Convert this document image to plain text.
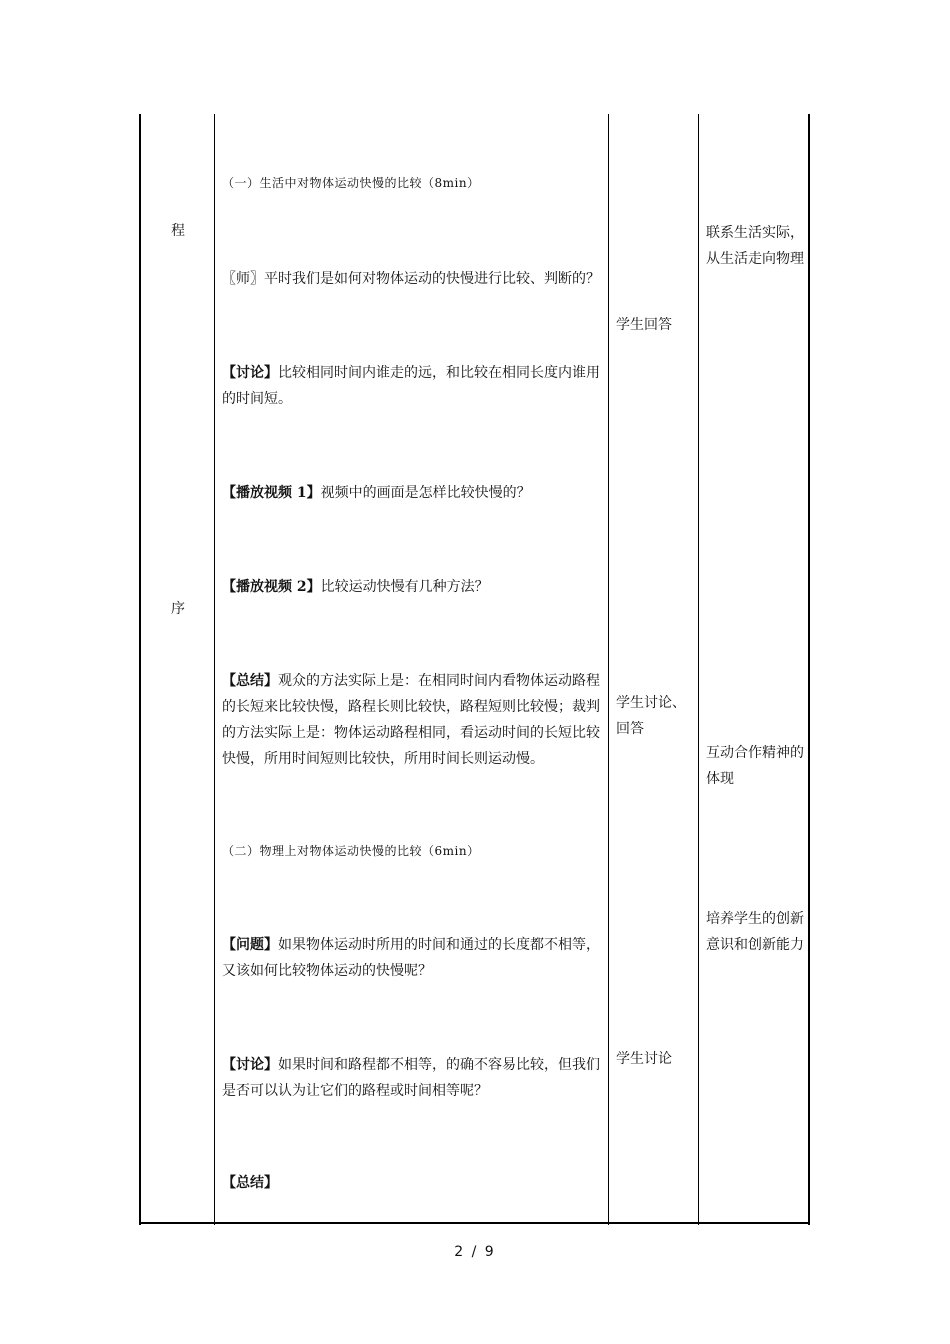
程

序

（一）生活中对物体运动快慢的比较（8min）

〖师〗平时我们是如何对物体运动的快慢进行比较、判断的？

【讨论】比较相同时间内谁走的远，和比较在相同长度内谁用的时间短。

【播放视频 1】视频中的画面是怎样比较快慢的？

【播放视频 2】比较运动快慢有几种方法？

【总结】观众的方法实际上是：在相同时间内看物体运动路程的长短来比较快慢，路程长则比较快，路程短则比较慢；裁判的方法实际上是：物体运动路程相同，看运动时间的长短比较快慢，所用时间短则比较快，所用时间长则运动慢。

（二）物理上对物体运动快慢的比较（6min）

【问题】如果物体运动时所用的时间和通过的长度都不相等，又该如何比较物体运动的快慢呢？

【讨论】如果时间和路程都不相等，的确不容易比较，但我们是否可以认为让它们的路程或时间相等呢？

【总结】

学生回答

学生讨论、回答

学生讨论

联系生活实际，从生活走向物理

互动合作精神的体现

培养学生的创新意识和创新能力

2 / 9
